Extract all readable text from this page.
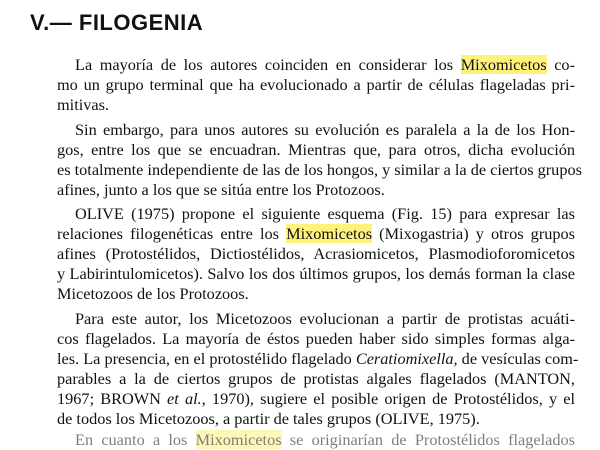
V.— FILOGENIA
La mayoría de los autores coinciden en considerar los Mixomicetos co-
mo un grupo terminal que ha evolucionado a partir de células flageladas pri-
mitivas.
Sin embargo, para unos autores su evolución es paralela a la de los Hon-
gos, entre los que se encuadran. Mientras que, para otros, dicha evolución
es totalmente independiente de las de los hongos, y similar a la de ciertos grupos
afines, junto a los que se sitúa entre los Protozoos.
OLIVE (1975) propone el siguiente esquema (Fig. 15) para expresar las
relaciones filogenéticas entre los Mixomicetos (Mixogastria) y otros grupos
afines (Protostélidos, Dictiostélidos, Acrasiomicetos, Plasmodioforomicetos
y Labirintulomicetos). Salvo los dos últimos grupos, los demás forman la clase
Micetozoos de los Protozoos.
Para este autor, los Micetozoos evolucionan a partir de protistas acuáti-
cos flagelados. La mayoría de éstos pueden haber sido simples formas alga-
les. La presencia, en el protostélido flagelado Ceratiomixella, de vesículas com-
parables a la de ciertos grupos de protistas algales flagelados (MANTON,
1967; BROWN et al., 1970), sugiere el posible origen de Protostélidos, y el
de todos los Micetozoos, a partir de tales grupos (OLIVE, 1975).
En cuanto a los Mixomicetos se originarían de Protostélidos flagelados
